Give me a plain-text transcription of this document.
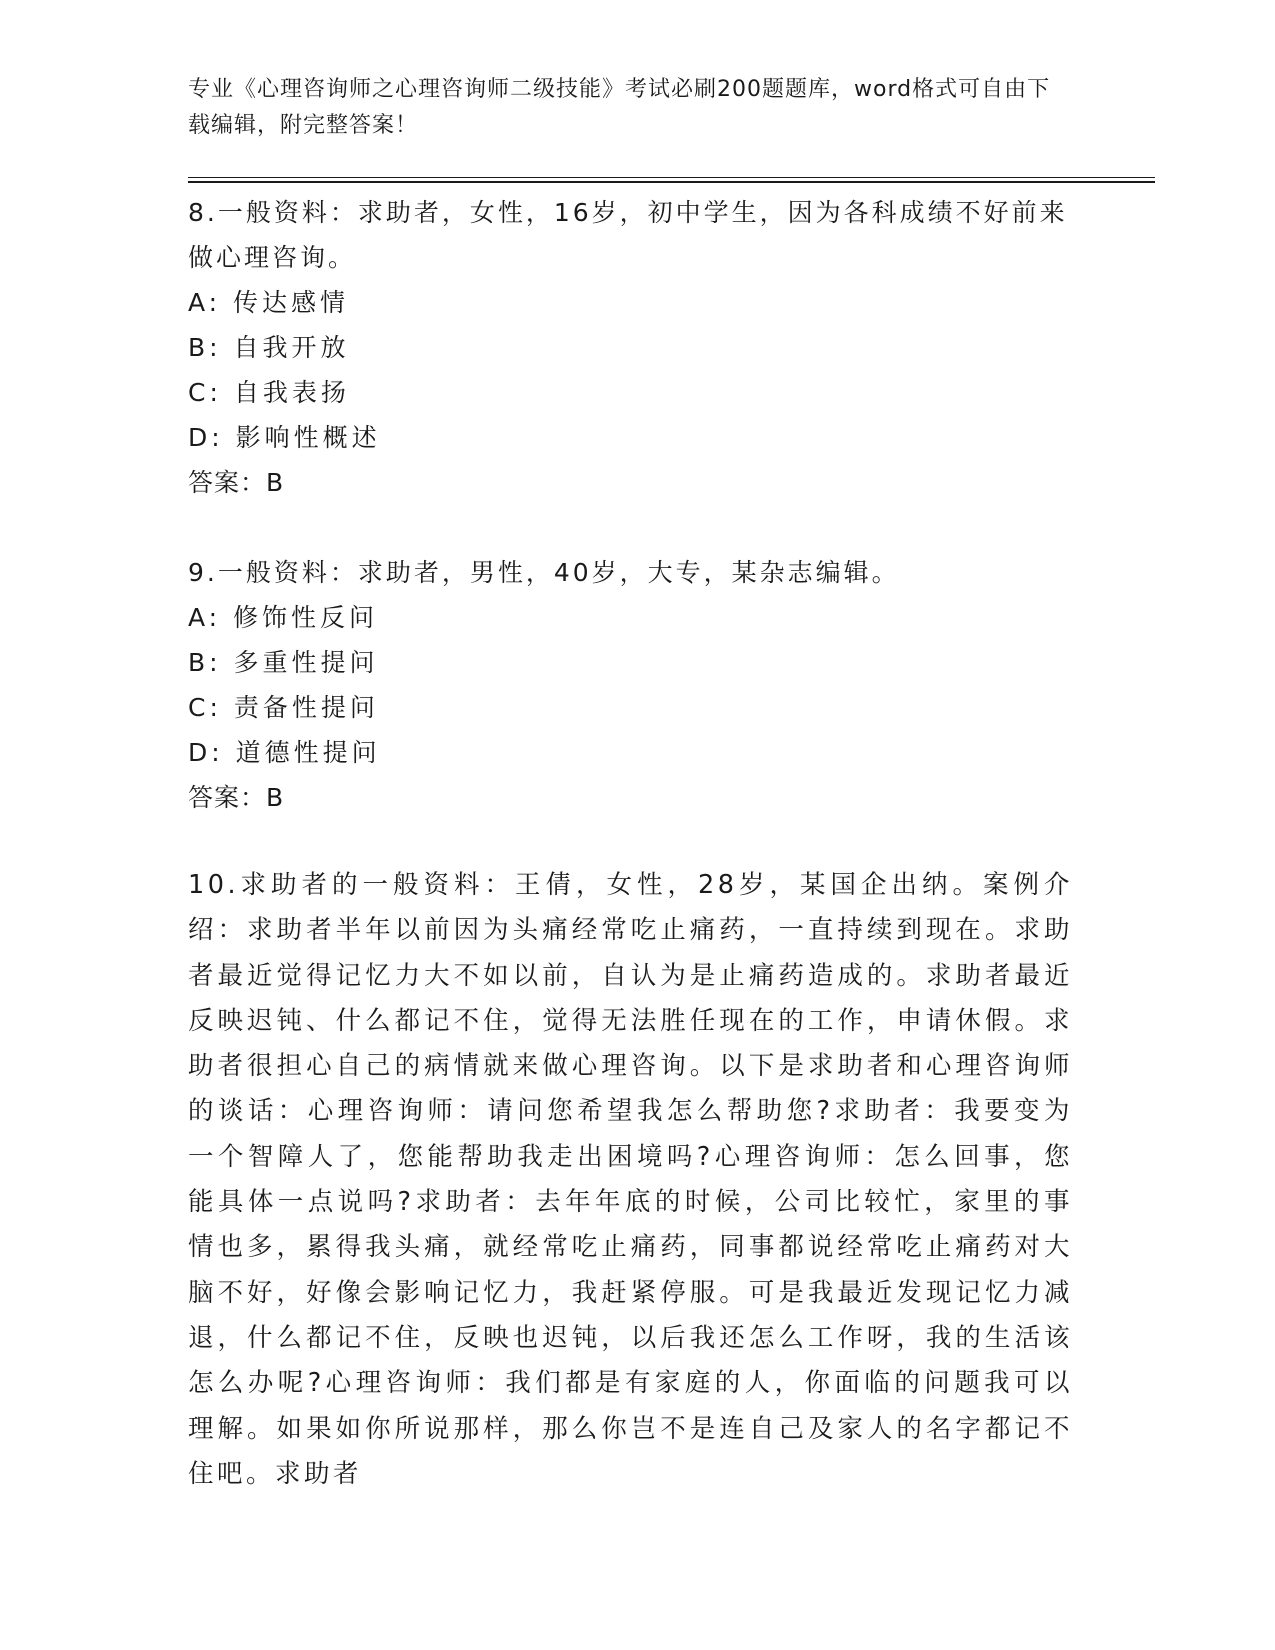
专业《心理咨询师之心理咨询师二级技能》考试必刷200题题库，word格式可自由下载编辑，附完整答案！

8.一般资料：求助者，女性，16岁，初中学生，因为各科成绩不好前来做心理咨询。

A: 传达感情

B: 自我开放

C: 自我表扬

D: 影响性概述

答案：B

9.一般资料：求助者，男性，40岁，大专，某杂志编辑。

A: 修饰性反问

B: 多重性提问

C: 责备性提问

D: 道德性提问

答案：B

10.求助者的一般资料：王倩，女性，28岁，某国企出纳。案例介绍：求助者半年以前因为头痛经常吃止痛药，一直持续到现在。求助者最近觉得记忆力大不如以前，自认为是止痛药造成的。求助者最近反映迟钝、什么都记不住，觉得无法胜任现在的工作，申请休假。求助者很担心自己的病情就来做心理咨询。以下是求助者和心理咨询师的谈话：心理咨询师：请问您希望我怎么帮助您?求助者：我要变为一个智障人了，您能帮助我走出困境吗?心理咨询师：怎么回事，您能具体一点说吗?求助者：去年年底的时候，公司比较忙，家里的事情也多，累得我头痛，就经常吃止痛药，同事都说经常吃止痛药对大脑不好，好像会影响记忆力，我赶紧停服。可是我最近发现记忆力减退，什么都记不住，反映也迟钝，以后我还怎么工作呀，我的生活该怎么办呢?心理咨询师：我们都是有家庭的人，你面临的问题我可以理解。如果如你所说那样，那么你岂不是连自己及家人的名字都记不住吧。求助者
